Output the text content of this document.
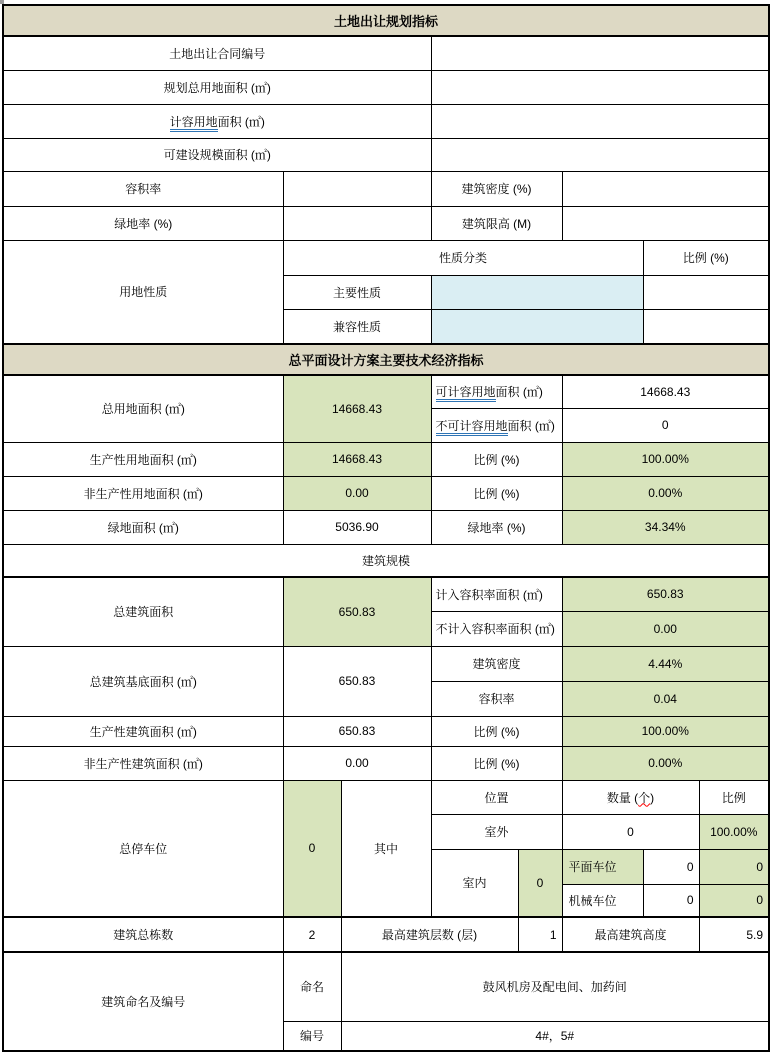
土地出让规划指标							
土地出让合同编号							
规划总用地面积 (㎡)							
计容用地面积 (㎡)							
可建设规模面积 (㎡)							
容积率			建筑密度 (%)				
绿地率 (%)			建筑限高 (M)				
用地性质	性质分类					比例 (%)	
	主要性质						
	兼容性质						
总平面设计方案主要技术经济指标							
总用地面积 (㎡)	14668.43		可计容用地面积 (㎡)		14668.43		
			不可计容用地面积 (㎡)		0		
生产性用地面积 (㎡)	14668.43		比例 (%)		100.00%		
非生产性用地面积 (㎡)	0.00		比例 (%)		0.00%		
绿地面积 (㎡)	5036.90		绿地率 (%)		34.34%		
建筑规模							
总建筑面积	650.83		计入容积率面积 (㎡)		650.83		
			不计入容积率面积 (㎡)		0.00		
总建筑基底面积 (㎡)	650.83		建筑密度		4.44%		
			容积率		0.04		
生产性建筑面积 (㎡)	650.83		比例 (%)		100.00%		
非生产性建筑面积 (㎡)	0.00		比例 (%)		0.00%		
总停车位	0	其中	位置		数量 (个)		比例
			室外		0		100.00%
			室内	0	平面车位	0	0
					机械车位	0	0
建筑总栋数	2	最高建筑层数 (层)		1	最高建筑高度		5.9
建筑命名及编号	命名	鼓风机房及配电间、加药间					
	编号	4#，5#					
